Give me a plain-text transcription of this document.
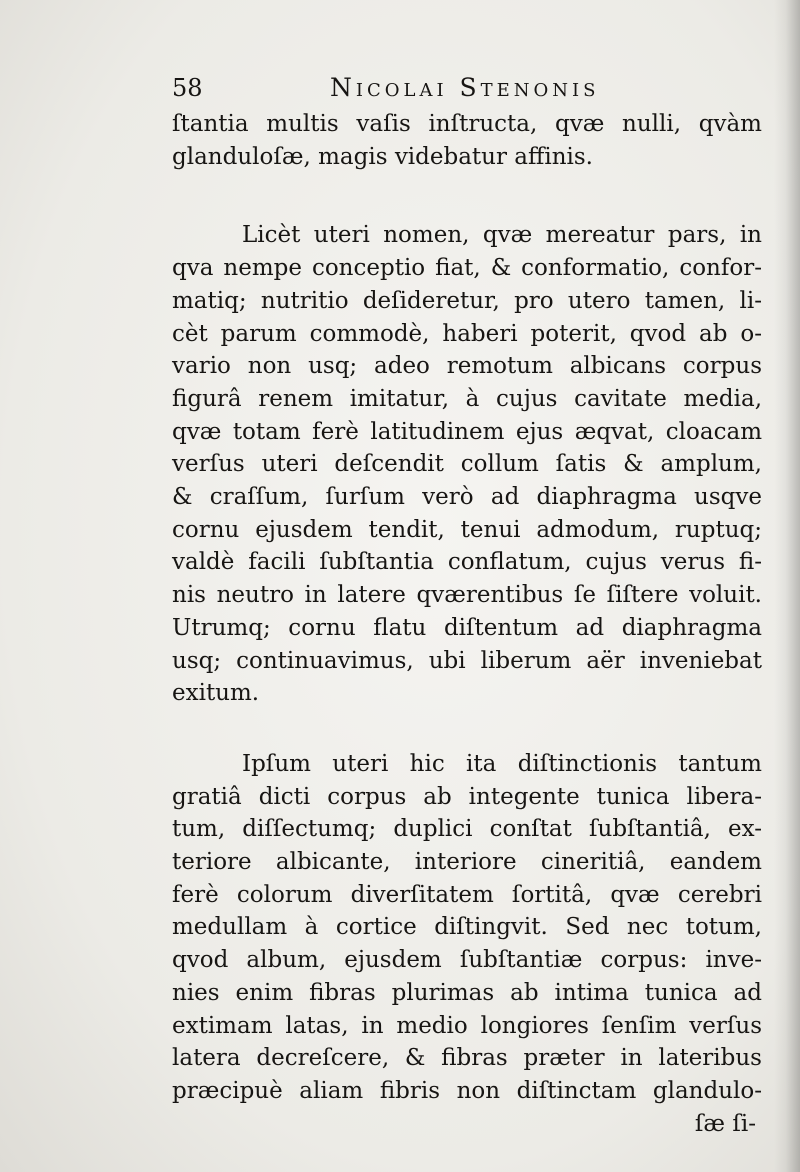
58	Nicolai Stenonis

ſtantia multis vaſis inſtructa, qvæ nulli, qvàm
glanduloſæ, magis videbatur affinis.

Licèt uteri nomen, qvæ mereatur pars, in
qva nempe conceptio fiat, & conformatio, confor-
matiq; nutritio deſideretur, pro utero tamen, li-
cèt parum commodè, haberi poterit, qvod ab o-
vario non usq; adeo remotum albicans corpus
figurâ renem imitatur, à cujus cavitate media,
qvæ totam ferè latitudinem ejus æqvat, cloacam
verſus uteri deſcendit collum ſatis & amplum,
& craſſum, ſurſum verò ad diaphragma usqve
cornu ejusdem tendit, tenui admodum, ruptuq;
valdè facili ſubſtantia conflatum, cujus verus fi-
nis neutro in latere qværentibus ſe ſiſtere voluit.
Utrumq; cornu flatu diſtentum ad diaphragma
usq; continuavimus, ubi liberum aër inveniebat
exitum.

Ipſum uteri hic ita diſtinctionis tantum
gratiâ dicti corpus ab integente tunica libera-
tum, diſſectumq; duplici conſtat ſubſtantiâ, ex-
teriore albicante, interiore cineritiâ, eandem
ferè colorum diverſitatem ſortitâ, qvæ cerebri
medullam à cortice diſtingvit. Sed nec totum,
qvod album, ejusdem ſubſtantiæ corpus: inve-
nies enim fibras plurimas ab intima tunica ad
extimam latas, in medio longiores ſenſim verſus
latera decreſcere, & fibras præter in lateribus
præcipuè aliam fibris non diſtinctam glandulo-

ſæ ſi-
